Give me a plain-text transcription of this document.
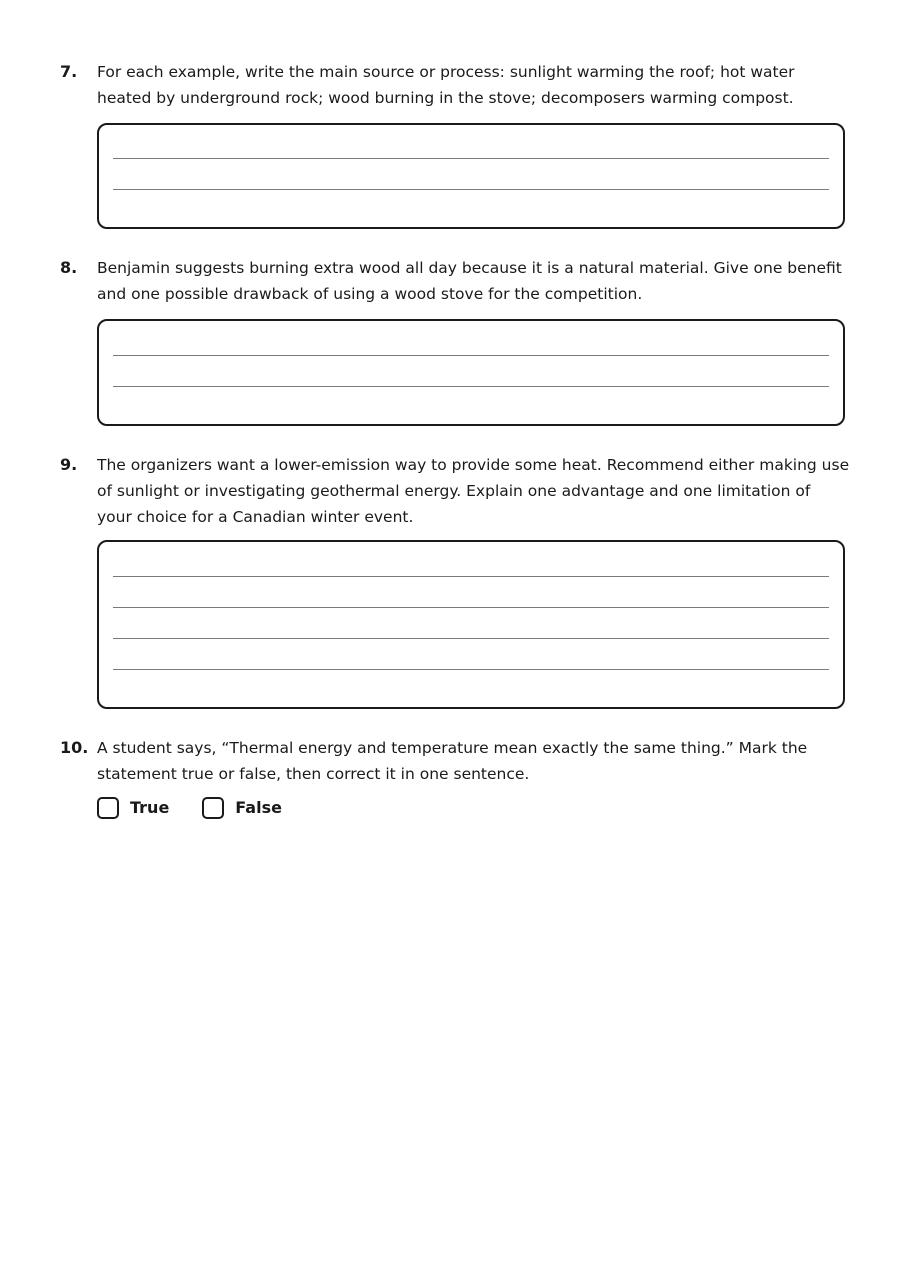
7.	For each example, write the main source or process: sunlight warming the roof; hot water heated by underground rock; wood burning in the stove; decomposers warming compost.
8.	Benjamin suggests burning extra wood all day because it is a natural material. Give one benefit and one possible drawback of using a wood stove for the competition.
9.	The organizers want a lower-emission way to provide some heat. Recommend either making use of sunlight or investigating geothermal energy. Explain one advantage and one limitation of your choice for a Canadian winter event.
10. A student says, “Thermal energy and temperature mean exactly the same thing.” Mark the statement true or false, then correct it in one sentence.
True	False
